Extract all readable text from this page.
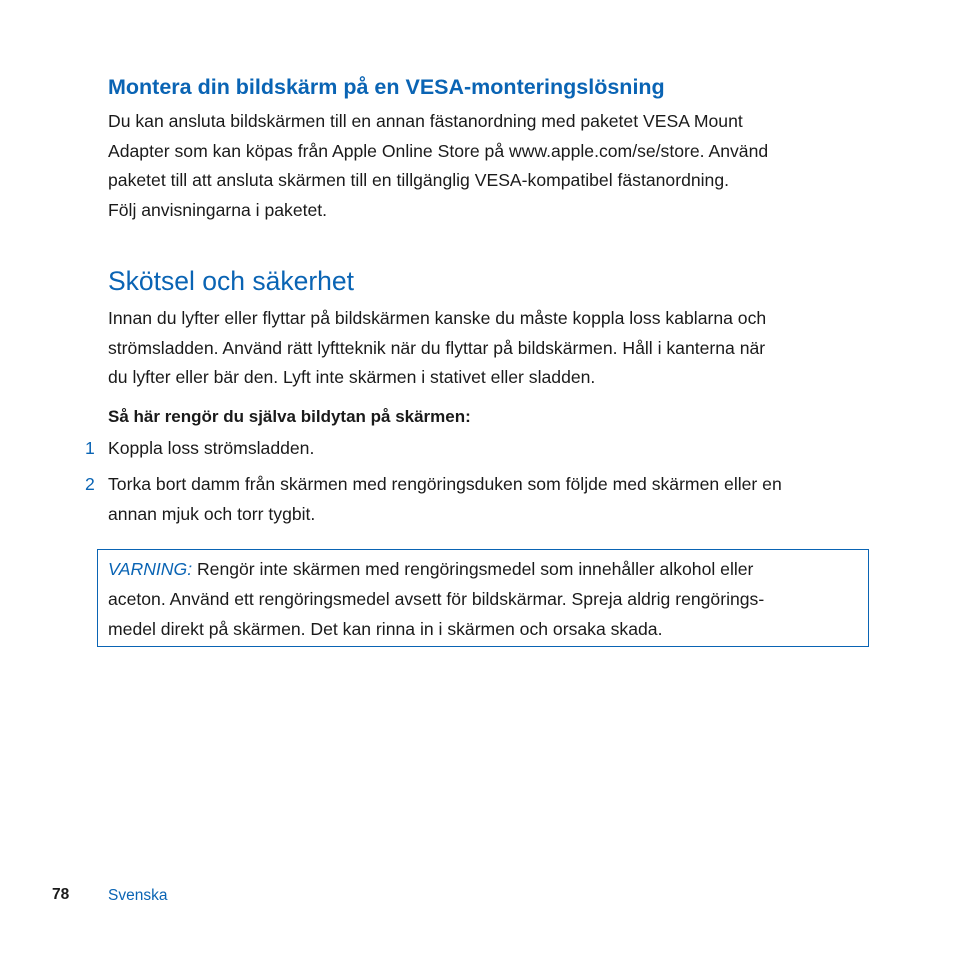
Montera din bildskärm på en VESA-monteringslösning

Du kan ansluta bildskärmen till en annan fästanordning med paketet VESA Mount
Adapter som kan köpas från Apple Online Store på www.apple.com/se/store. Använd
paketet till att ansluta skärmen till en tillgänglig VESA-kompatibel fästanordning.
Följ anvisningarna i paketet.

Skötsel och säkerhet

Innan du lyfter eller flyttar på bildskärmen kanske du måste koppla loss kablarna och
strömsladden. Använd rätt lyftteknik när du flyttar på bildskärmen. Håll i kanterna när
du lyfter eller bär den. Lyft inte skärmen i stativet eller sladden.

Så här rengör du själva bildytan på skärmen:

1 Koppla loss strömsladden.
2 Torka bort damm från skärmen med rengöringsduken som följde med skärmen eller en
annan mjuk och torr tygbit.
VARNING: Rengör inte skärmen med rengöringsmedel som innehåller alkohol eller
aceton. Använd ett rengöringsmedel avsett för bildskärmar. Spreja aldrig rengörings-
medel direkt på skärmen. Det kan rinna in i skärmen och orsaka skada.

78	Svenska
